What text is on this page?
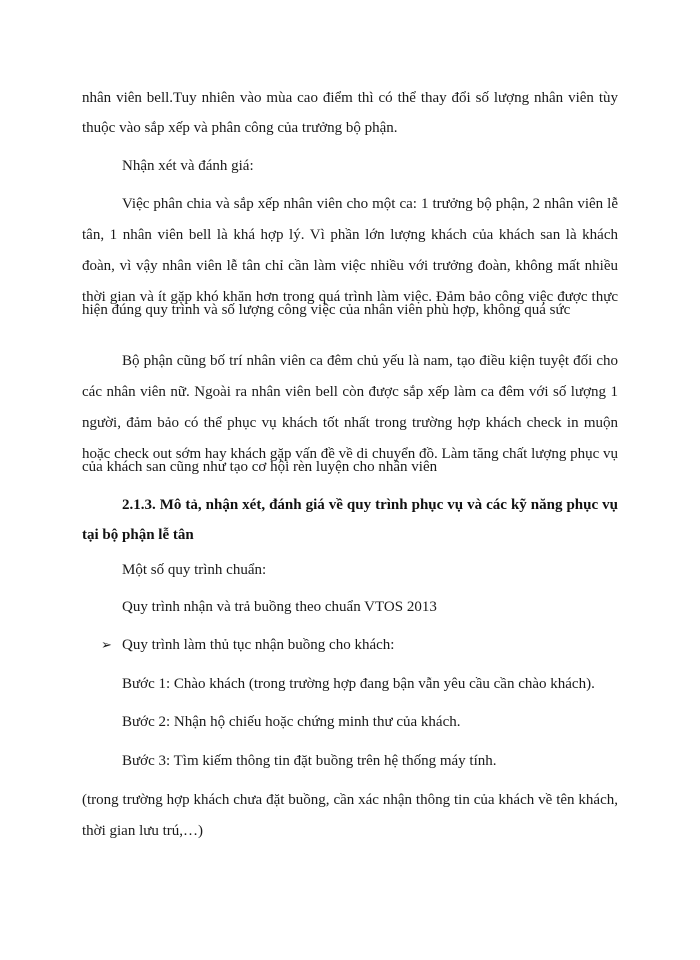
nhân viên bell.Tuy nhiên vào mùa cao điểm thì có thể thay đổi số lượng nhân viên tùy
thuộc vào sắp xếp và phân công của trưởng bộ phận.
Nhận xét và đánh giá:
Việc phân chia và sắp xếp nhân viên cho một ca: 1 trưởng bộ phận, 2 nhân viên lễ
tân, 1 nhân viên bell là khá hợp lý. Vì phần lớn lượng khách của khách san là khách
đoàn, vì vậy nhân viên lễ tân chỉ cần làm việc nhiều với trưởng đoàn, không mất nhiều
thời gian và ít gặp khó khăn hơn trong quá trình làm việc. Đảm bảo công việc được thực
hiện đúng quy trình và số lượng công việc của nhân viên phù hợp, không quá sức
Bộ phận cũng bố trí nhân viên ca đêm chủ yếu là nam, tạo điều kiện tuyệt đối cho
các nhân viên nữ. Ngoài ra nhân viên bell còn được sắp xếp làm ca đêm với số lượng 1
người, đảm bảo có thể phục vụ khách tốt nhất trong trường hợp khách check in muộn
hoặc check out sớm hay khách gặp vấn đề về di chuyển đồ. Làm tăng chất lượng phục vụ
của khách san cũng như tạo cơ hội rèn luyện cho nhân viên
2.1.3. Mô tả, nhận xét, đánh giá về quy trình phục vụ và các kỹ năng phục vụ
tại bộ phận lễ tân
Một số quy trình chuẩn:
Quy trình nhận và trả buồng theo chuẩn VTOS 2013
➢ Quy trình làm thủ tục nhận buồng cho khách:
Bước 1: Chào khách (trong trường hợp đang bận vẫn yêu cầu cần chào khách).
Bước 2: Nhận hộ chiếu hoặc chứng minh thư của khách.
Bước 3: Tìm kiếm thông tin đặt buồng trên hệ thống máy tính.
(trong trường hợp khách chưa đặt buồng, cần xác nhận thông tin của khách về tên khách,
thời gian lưu trú,…)
